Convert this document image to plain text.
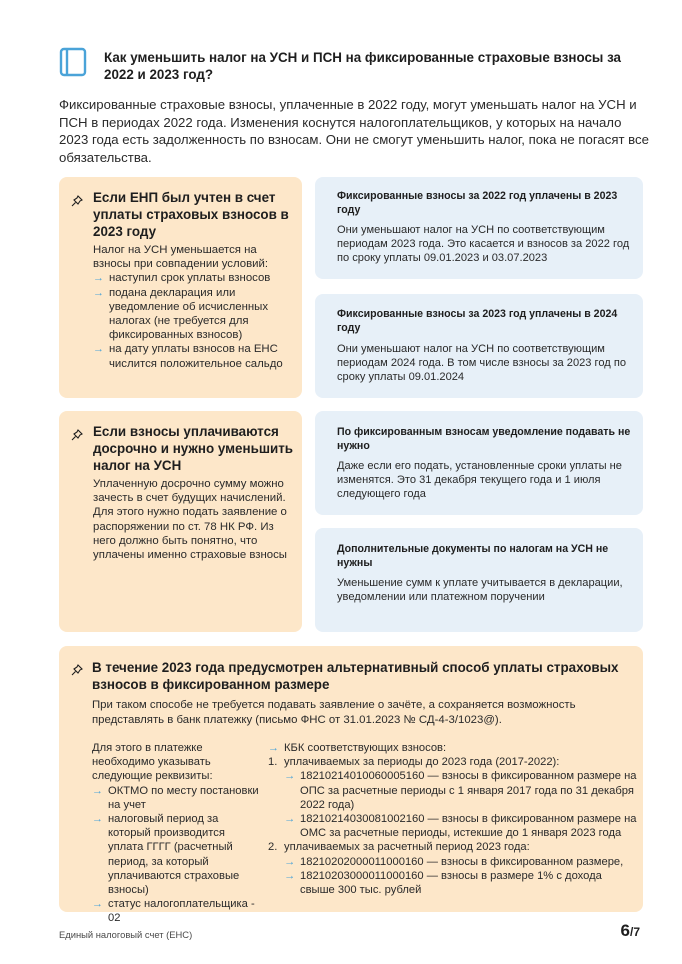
Как уменьшить налог на УСН и ПСН на фиксированные страховые взносы за 2022 и 2023 год?
Фиксированные страховые взносы, уплаченные в 2022 году, могут уменьшать налог на УСН и ПСН в периодах 2022 года. Изменения коснутся налогоплательщиков, у которых на начало 2023 года есть задолженность по взносам. Они не смогут уменьшить налог, пока не погасят все обязательства.
Если ЕНП был учтен в счет уплаты страховых взносов в 2023 году
Налог на УСН уменьшается на взносы при совпадении условий:
→ наступил срок уплаты взносов
→ подана декларация или уведомление об исчисленных налогах (не требуется для фиксированных взносов)
→ на дату уплаты взносов на ЕНС числится положительное сальдо
Если взносы уплачиваются досрочно и нужно уменьшить налог на УСН
Уплаченную досрочно сумму можно зачесть в счет будущих начислений. Для этого нужно подать заявление о распоряжении по ст. 78 НК РФ. Из него должно быть понятно, что уплачены именно страховые взносы
Фиксированные взносы за 2022 год уплачены в 2023 году
Они уменьшают налог на УСН по соответствующим периодам 2023 года. Это касается и взносов за 2022 год по сроку уплаты 09.01.2023 и 03.07.2023
Фиксированные взносы за 2023 год уплачены в 2024 году
Они уменьшают налог на УСН по соответствующим периодам 2024 года. В том числе взносы за 2023 год по сроку уплаты 09.01.2024
По фиксированным взносам уведомление подавать не нужно
Даже если его подать, установленные сроки уплаты не изменятся. Это 31 декабря текущего года и 1 июля следующего года
Дополнительные документы по налогам на УСН не нужны
Уменьшение сумм к уплате учитывается в декларации, уведомлении или платежном поручении
В течение 2023 года предусмотрен альтернативный способ уплаты страховых взносов в фиксированном размере
При таком способе не требуется подавать заявление о зачёте, а сохраняется возможность представлять в банк платежку (письмо ФНС от 31.01.2023 № СД-4-3/1023@).
Для этого в платежке необходимо указывать следующие реквизиты:
→ ОКТМО по месту постановки на учет
→ налоговый период за который производится уплата ГГГГ (расчетный период, за который уплачиваются страховые взносы)
→ статус налогоплательщика - 02
→ КБК соответствующих взносов:
1. уплачиваемых за периоды до 2023 года (2017-2022):
→ 18210214010060005160 — взносы в фиксированном размере на ОПС за расчетные периоды с 1 января 2017 года по 31 декабря 2022 года)
→ 18210214030081002160 — взносы в фиксированном размере на ОМС за расчетные периоды, истекшие до 1 января 2023 года
2. уплачиваемых за расчетный период 2023 года:
→ 18210202000011000160 — взносы в фиксированном размере,
→ 18210203000011000160 — взносы в размере 1% с дохода свыше 300 тыс. рублей
Единый налоговый счет (ЕНС)	6/7
